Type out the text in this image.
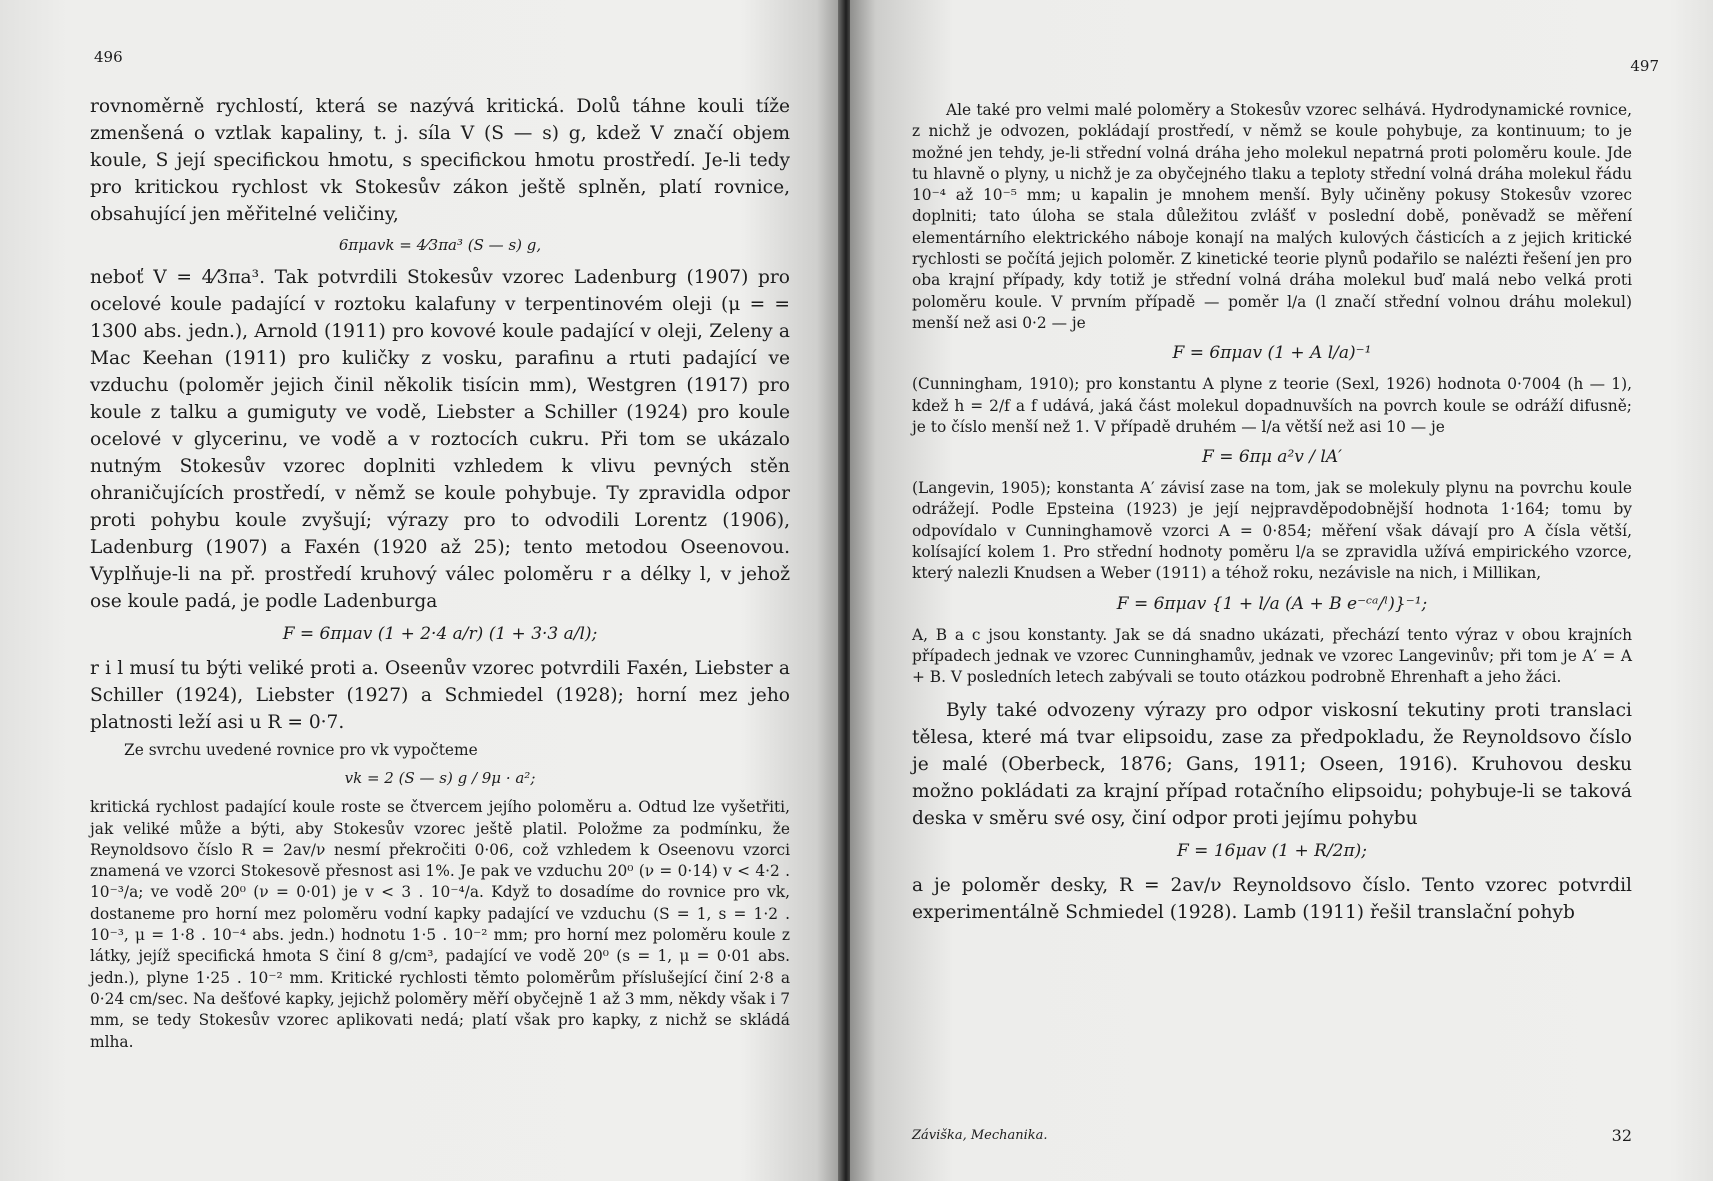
496

rovnoměrně rychlostí, která se nazývá kritická. Dolů táhne kouli tíže zmenšená o vztlak kapaliny, t. j. síla V (S — s) g, kdež V značí objem koule, S její specifickou hmotu, s specifickou hmotu prostředí. Je-li tedy pro kritickou rychlost vk Stokesův zákon ještě splněn, platí rovnice, obsahující jen měřitelné veličiny,

6πμavk = 4⁄3πa³ (S — s) g,

neboť V = 4⁄3πa³. Tak potvrdili Stokesův vzorec Ladenburg (1907) pro ocelové koule padající v roztoku kalafuny v terpentinovém oleji (μ = = 1300 abs. jedn.), Arnold (1911) pro kovové koule padající v oleji, Zeleny a Mac Keehan (1911) pro kuličky z vosku, parafinu a rtuti padající ve vzduchu (poloměr jejich činil několik tisícin mm), Westgren (1917) pro koule z talku a gumiguty ve vodě, Liebster a Schiller (1924) pro koule ocelové v glycerinu, ve vodě a v roztocích cukru. Při tom se ukázalo nutným Stokesův vzorec doplniti vzhledem k vlivu pevných stěn ohraničujících prostředí, v němž se koule pohybuje. Ty zpravidla odpor proti pohybu koule zvyšují; výrazy pro to odvodili Lorentz (1906), Ladenburg (1907) a Faxén (1920 až 25); tento metodou Oseenovou. Vyplňuje-li na př. prostředí kruhový válec poloměru r a délky l, v jehož ose koule padá, je podle Ladenburga

F = 6πμav (1 + 2·4 a/r) (1 + 3·3 a/l);

r i l musí tu býti veliké proti a. Oseenův vzorec potvrdili Faxén, Liebster a Schiller (1924), Liebster (1927) a Schmiedel (1928); horní mez jeho platnosti leží asi u R = 0·7.

Ze svrchu uvedené rovnice pro vk vypočteme

vk = 2 (S — s) g / 9μ · a²;

kritická rychlost padající koule roste se čtvercem jejího poloměru a. Odtud lze vyšetřiti, jak veliké může a býti, aby Stokesův vzorec ještě platil. Položme za podmínku, že Reynoldsovo číslo R = 2av/ν nesmí překročiti 0·06, což vzhledem k Oseenovu vzorci znamená ve vzorci Stokesově přesnost asi 1%. Je pak ve vzduchu 20⁰ (ν = 0·14) v < 4·2 . 10⁻³/a; ve vodě 20⁰ (ν = 0·01) je v < 3 . 10⁻⁴/a. Když to dosadíme do rovnice pro vk, dostaneme pro horní mez poloměru vodní kapky padající ve vzduchu (S = 1, s = 1·2 . 10⁻³, μ = 1·8 . 10⁻⁴ abs. jedn.) hodnotu 1·5 . 10⁻² mm; pro horní mez poloměru koule z látky, jejíž specifická hmota S činí 8 g/cm³, padající ve vodě 20⁰ (s = 1, μ = 0·01 abs. jedn.), plyne 1·25 . 10⁻² mm. Kritické rychlosti těmto poloměrům příslušející činí 2·8 a 0·24 cm/sec. Na dešťové kapky, jejichž poloměry měří obyčejně 1 až 3 mm, někdy však i 7 mm, se tedy Stokesův vzorec aplikovati nedá; platí však pro kapky, z nichž se skládá mlha.

497

Ale také pro velmi malé poloměry a Stokesův vzorec selhává. Hydrodynamické rovnice, z nichž je odvozen, pokládají prostředí, v němž se koule pohybuje, za kontinuum; to je možné jen tehdy, je-li střední volná dráha jeho molekul nepatrná proti poloměru koule. Jde tu hlavně o plyny, u nichž je za obyčejného tlaku a teploty střední volná dráha molekul řádu 10⁻⁴ až 10⁻⁵ mm; u kapalin je mnohem menší. Byly učiněny pokusy Stokesův vzorec doplniti; tato úloha se stala důležitou zvlášť v poslední době, poněvadž se měření elementárního elektrického náboje konají na malých kulových částicích a z jejich kritické rychlosti se počítá jejich poloměr. Z kinetické teorie plynů podařilo se nalézti řešení jen pro oba krajní případy, kdy totiž je střední volná dráha molekul buď malá nebo velká proti poloměru koule. V prvním případě — poměr l/a (l značí střední volnou dráhu molekul) menší než asi 0·2 — je

F = 6πμav (1 + A l/a)⁻¹

(Cunningham, 1910); pro konstantu A plyne z teorie (Sexl, 1926) hodnota 0·7004 (h — 1), kdež h = 2/f a f udává, jaká část molekul dopadnuvších na povrch koule se odráží difusně; je to číslo menší než 1. V případě druhém — l/a větší než asi 10 — je

F = 6πμ a²v / lA′

(Langevin, 1905); konstanta A′ závisí zase na tom, jak se molekuly plynu na povrchu koule odrážejí. Podle Epsteina (1923) je její nejpravděpodobnější hodnota 1·164; tomu by odpovídalo v Cunninghamově vzorci A = 0·854; měření však dávají pro A čísla větší, kolísající kolem 1. Pro střední hodnoty poměru l/a se zpravidla užívá empirického vzorce, který nalezli Knudsen a Weber (1911) a téhož roku, nezávisle na nich, i Millikan,

F = 6πμav {1 + l/a (A + B e⁻ᶜᵃ/ˡ)}⁻¹;

A, B a c jsou konstanty. Jak se dá snadno ukázati, přechází tento výraz v obou krajních případech jednak ve vzorec Cunninghamův, jednak ve vzorec Langevinův; při tom je A′ = A + B. V posledních letech zabývali se touto otázkou podrobně Ehrenhaft a jeho žáci.

Byly také odvozeny výrazy pro odpor viskosní tekutiny proti translaci tělesa, které má tvar elipsoidu, zase za předpokladu, že Reynoldsovo číslo je malé (Oberbeck, 1876; Gans, 1911; Oseen, 1916). Kruhovou desku možno pokládati za krajní případ rotačního elipsoidu; pohybuje-li se taková deska v směru své osy, činí odpor proti jejímu pohybu

F = 16μav (1 + R/2π);

a je poloměr desky, R = 2av/ν Reynoldsovo číslo. Tento vzorec potvrdil experimentálně Schmiedel (1928). Lamb (1911) řešil translační pohyb

Záviška, Mechanika.	32
